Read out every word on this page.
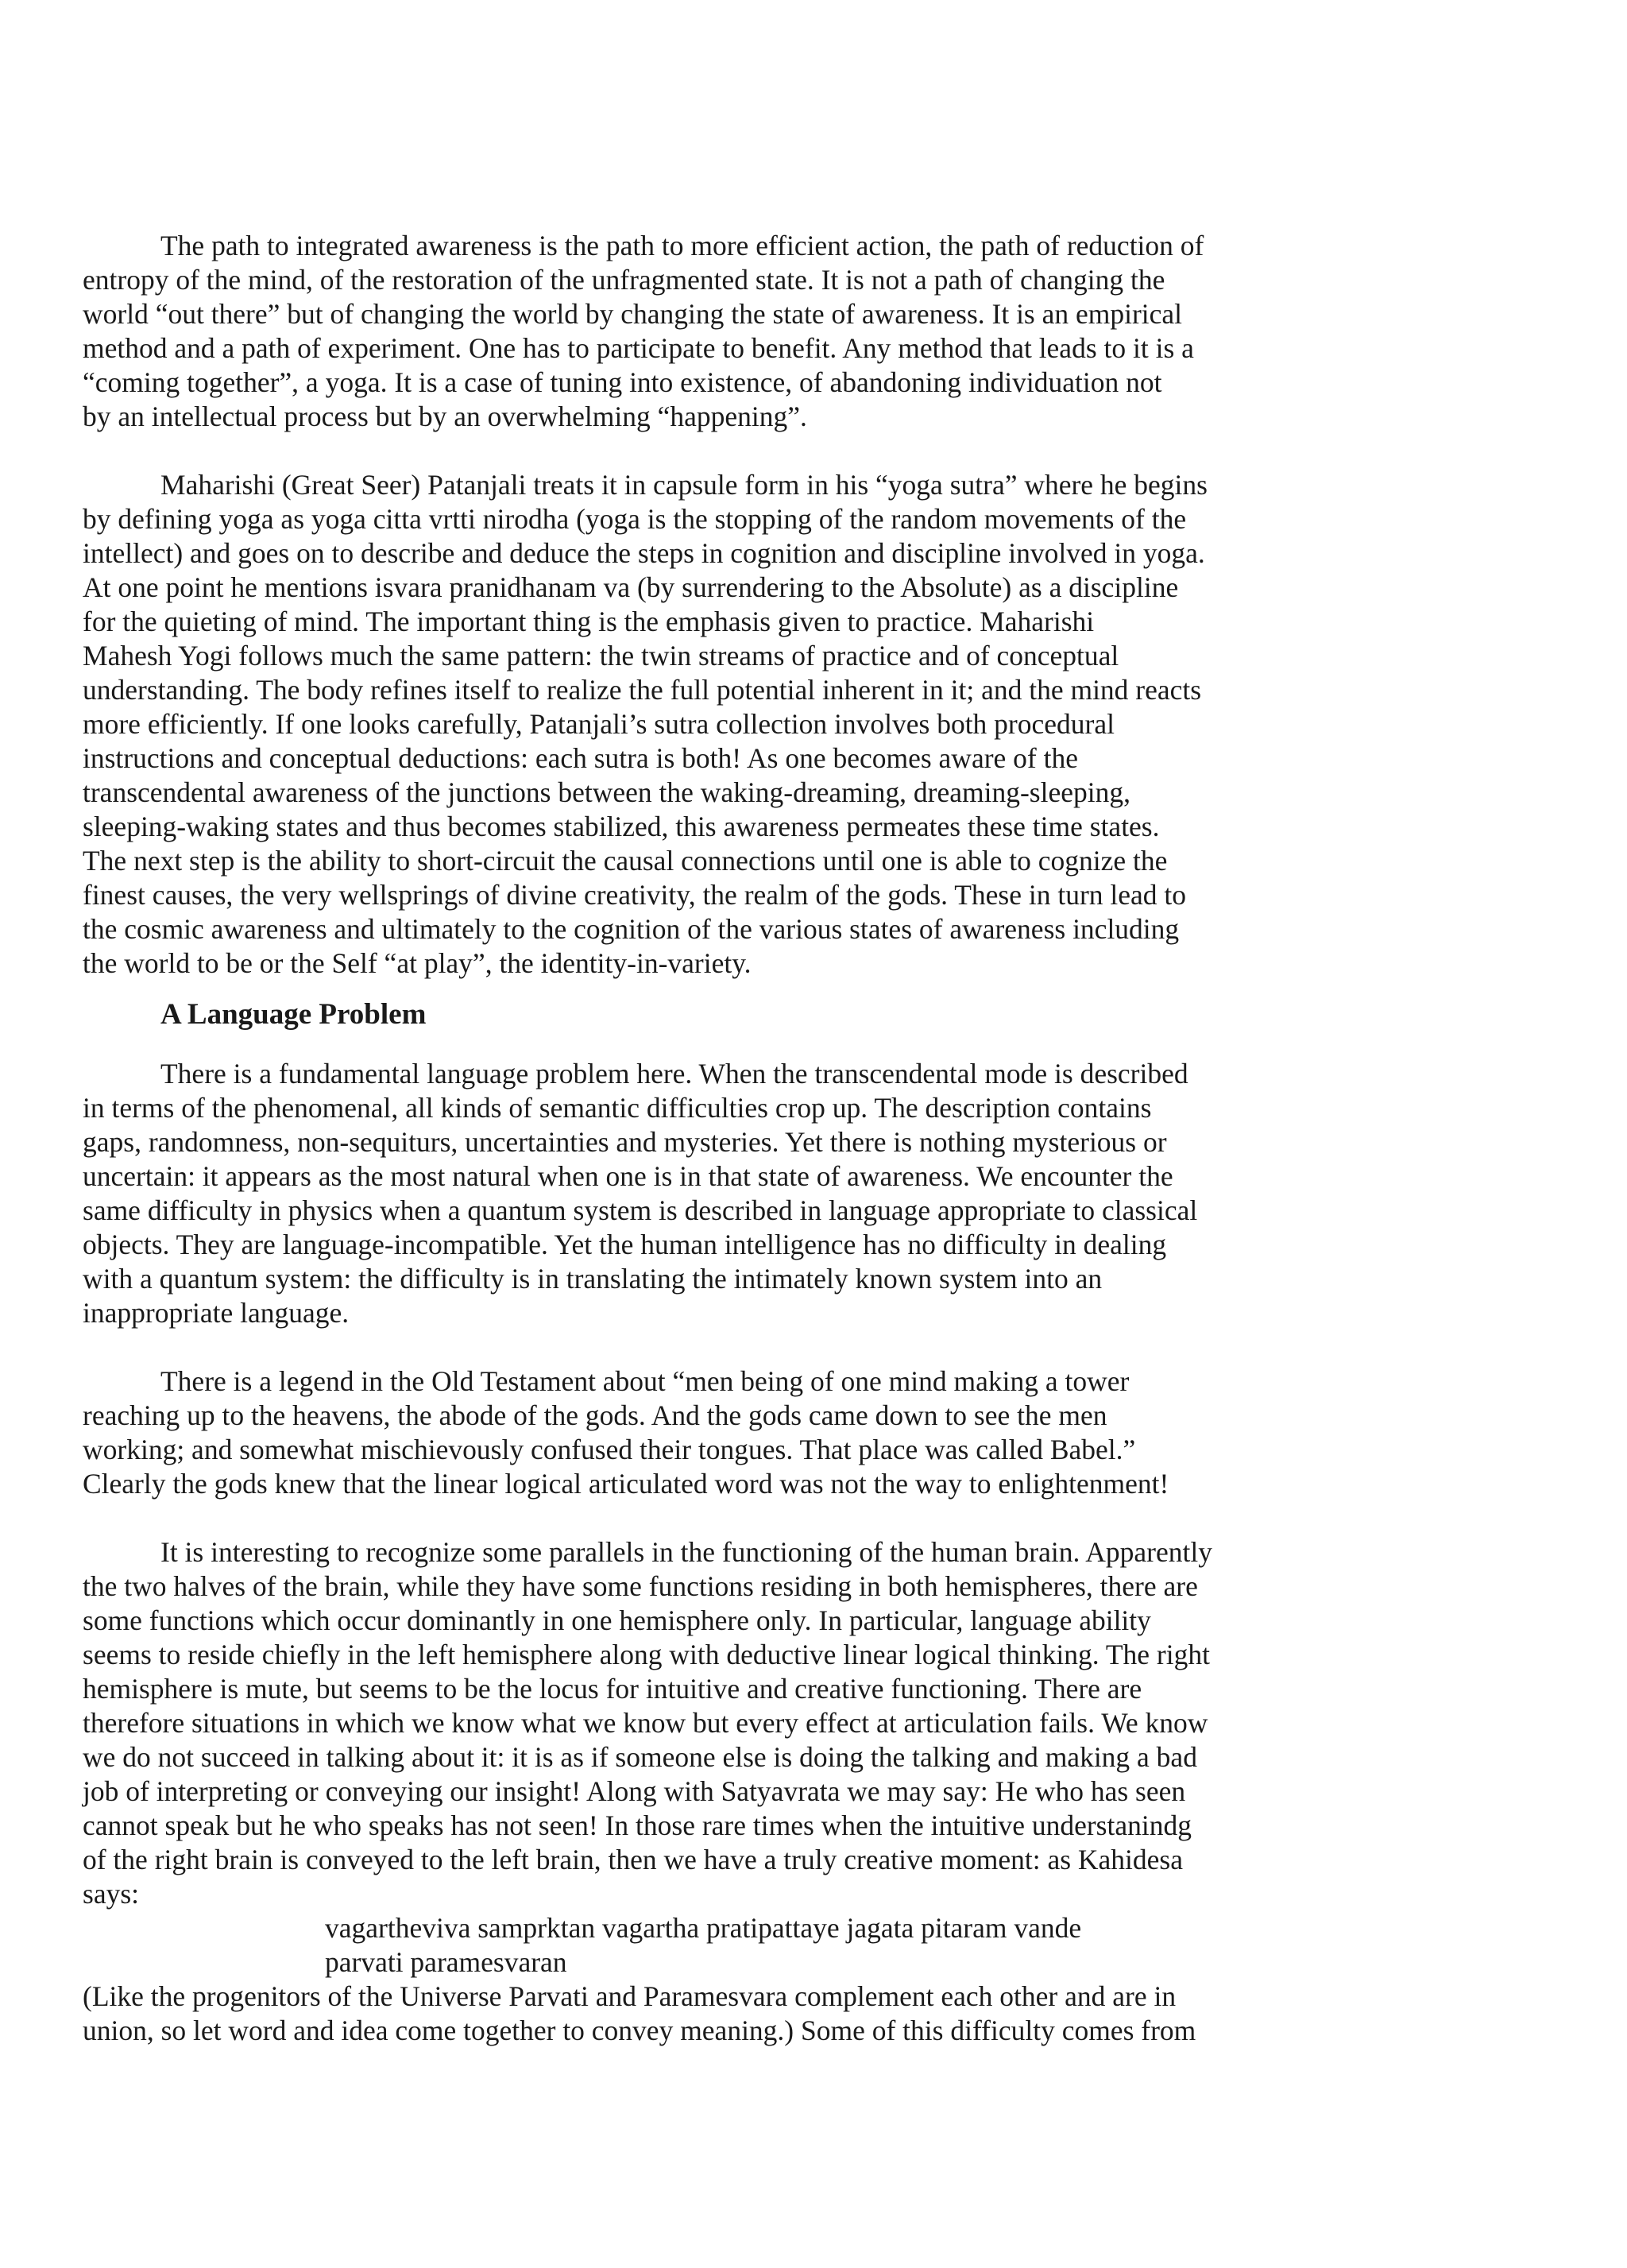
The path to integrated awareness is the path to more efficient action, the path of reduction of
entropy of the mind, of the restoration of the unfragmented state. It is not a path of changing the
world “out there” but of changing the world by changing the state of awareness. It is an empirical
method and a path of experiment. One has to participate to benefit. Any method that leads to it is a
“coming together”, a yoga. It is a case of tuning into existence, of abandoning individuation not
by an intellectual process but by an overwhelming “happening”.
Maharishi (Great Seer) Patanjali treats it in capsule form in his “yoga sutra” where he begins
by defining yoga as yoga citta vrtti nirodha (yoga is the stopping of the random movements of the
intellect) and goes on to describe and deduce the steps in cognition and discipline involved in yoga.
At one point he mentions isvara pranidhanam va (by surrendering to the Absolute) as a discipline
for the quieting of mind. The important thing is the emphasis given to practice. Maharishi
Mahesh Yogi follows much the same pattern: the twin streams of practice and of conceptual
understanding. The body refines itself to realize the full potential inherent in it; and the mind reacts
more efficiently. If one looks carefully, Patanjali’s sutra collection involves both procedural
instructions and conceptual deductions: each sutra is both! As one becomes aware of the
transcendental awareness of the junctions between the waking-dreaming, dreaming-sleeping,
sleeping-waking states and thus becomes stabilized, this awareness permeates these time states.
The next step is the ability to short-circuit the causal connections until one is able to cognize the
finest causes, the very wellsprings of divine creativity, the realm of the gods. These in turn lead to
the cosmic awareness and ultimately to the cognition of the various states of awareness including
the world to be or the Self “at play”, the identity-in-variety.
A Language Problem
There is a fundamental language problem here. When the transcendental mode is described
in terms of the phenomenal, all kinds of semantic difficulties crop up. The description contains
gaps, randomness, non-sequiturs, uncertainties and mysteries. Yet there is nothing mysterious or
uncertain: it appears as the most natural when one is in that state of awareness. We encounter the
same difficulty in physics when a quantum system is described in language appropriate to classical
objects. They are language-incompatible. Yet the human intelligence has no difficulty in dealing
with a quantum system: the difficulty is in translating the intimately known system into an
inappropriate language.
There is a legend in the Old Testament about “men being of one mind making a tower
reaching up to the heavens, the abode of the gods. And the gods came down to see the men
working; and somewhat mischievously confused their tongues. That place was called Babel.”
Clearly the gods knew that the linear logical articulated word was not the way to enlightenment!
It is interesting to recognize some parallels in the functioning of the human brain. Apparently
the two halves of the brain, while they have some functions residing in both hemispheres, there are
some functions which occur dominantly in one hemisphere only. In particular, language ability
seems to reside chiefly in the left hemisphere along with deductive linear logical thinking. The right
hemisphere is mute, but seems to be the locus for intuitive and creative functioning. There are
therefore situations in which we know what we know but every effect at articulation fails. We know
we do not succeed in talking about it: it is as if someone else is doing the talking and making a bad
job of interpreting or conveying our insight! Along with Satyavrata we may say: He who has seen
cannot speak but he who speaks has not seen! In those rare times when the intuitive understanindg
of the right brain is conveyed to the left brain, then we have a truly creative moment: as Kahidesa
says:
vagartheviva samprktan vagartha pratipattaye jagata pitaram vande
parvati paramesvaran
(Like the progenitors of the Universe Parvati and Paramesvara complement each other and are in
union, so let word and idea come together to convey meaning.) Some of this difficulty comes from
